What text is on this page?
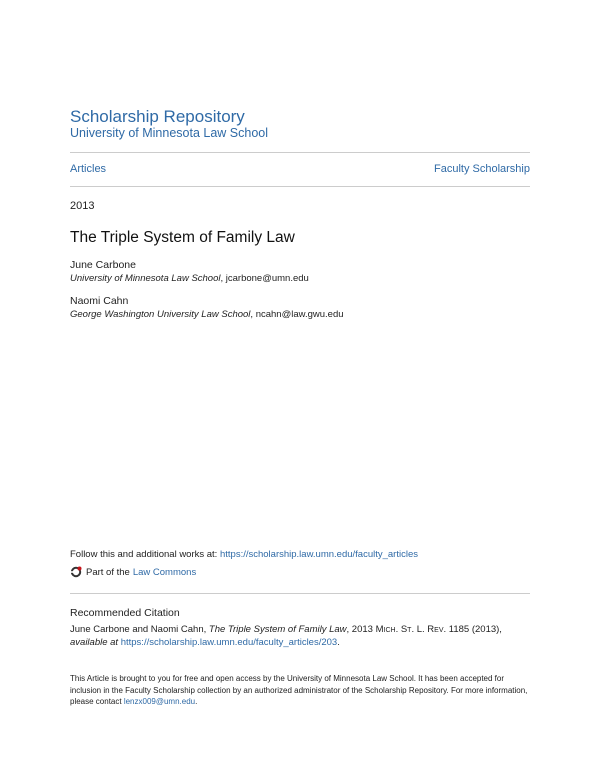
Scholarship Repository
University of Minnesota Law School
Articles	Faculty Scholarship
2013
The Triple System of Family Law
June Carbone
University of Minnesota Law School, jcarbone@umn.edu
Naomi Cahn
George Washington University Law School, ncahn@law.gwu.edu
Follow this and additional works at: https://scholarship.law.umn.edu/faculty_articles
Part of the Law Commons
Recommended Citation
June Carbone and Naomi Cahn, The Triple System of Family Law, 2013 Mich. St. L. Rev. 1185 (2013),
available at https://scholarship.law.umn.edu/faculty_articles/203.
This Article is brought to you for free and open access by the University of Minnesota Law School. It has been accepted for inclusion in the Faculty Scholarship collection by an authorized administrator of the Scholarship Repository. For more information, please contact lenzx009@umn.edu.
